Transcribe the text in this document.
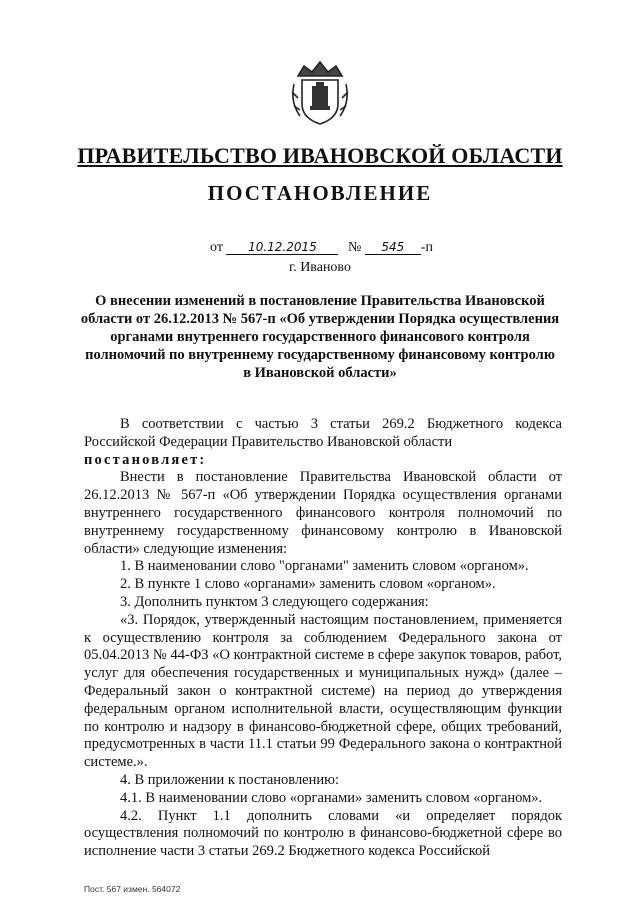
ПРАВИТЕЛЬСТВО ИВАНОВСКОЙ ОБЛАСТИ
ПОСТАНОВЛЕНИЕ
от 10.12.2015 № 545 -п
г. Иваново
О внесении изменений в постановление Правительства Ивановской области от 26.12.2013 № 567-п «Об утверждении Порядка осуществления органами внутреннего государственного финансового контроля полномочий по внутреннему государственному финансовому контролю в Ивановской области»

В соответствии с частью 3 статьи 269.2 Бюджетного кодекса Российской Федерации Правительство Ивановской области

постановляет:

Внести в постановление Правительства Ивановской области от 26.12.2013 № 567-п «Об утверждении Порядка осуществления органами внутреннего государственного финансового контроля полномочий по внутреннему государственному финансовому контролю в Ивановской области» следующие изменения:

1. В наименовании слово "органами" заменить словом «органом».

2. В пункте 1 слово «органами» заменить словом «органом».

3. Дополнить пунктом 3 следующего содержания:

«3. Порядок, утвержденный настоящим постановлением, применяется к осуществлению контроля за соблюдением Федерального закона от 05.04.2013 № 44-ФЗ «О контрактной системе в сфере закупок товаров, работ, услуг для обеспечения государственных и муниципальных нужд» (далее – Федеральный закон о контрактной системе) на период до утверждения федеральным органом исполнительной власти, осуществляющим функции по контролю и надзору в финансово-бюджетной сфере, общих требований, предусмотренных в части 11.1 статьи 99 Федерального закона о контрактной системе.».

4. В приложении к постановлению:

4.1. В наименовании слово «органами» заменить словом «органом».

4.2. Пункт 1.1 дополнить словами «и определяет порядок осуществления полномочий по контролю в финансово-бюджетной сфере во исполнение части 3 статьи 269.2 Бюджетного кодекса Российской

Пост. 567 измен. 564072
